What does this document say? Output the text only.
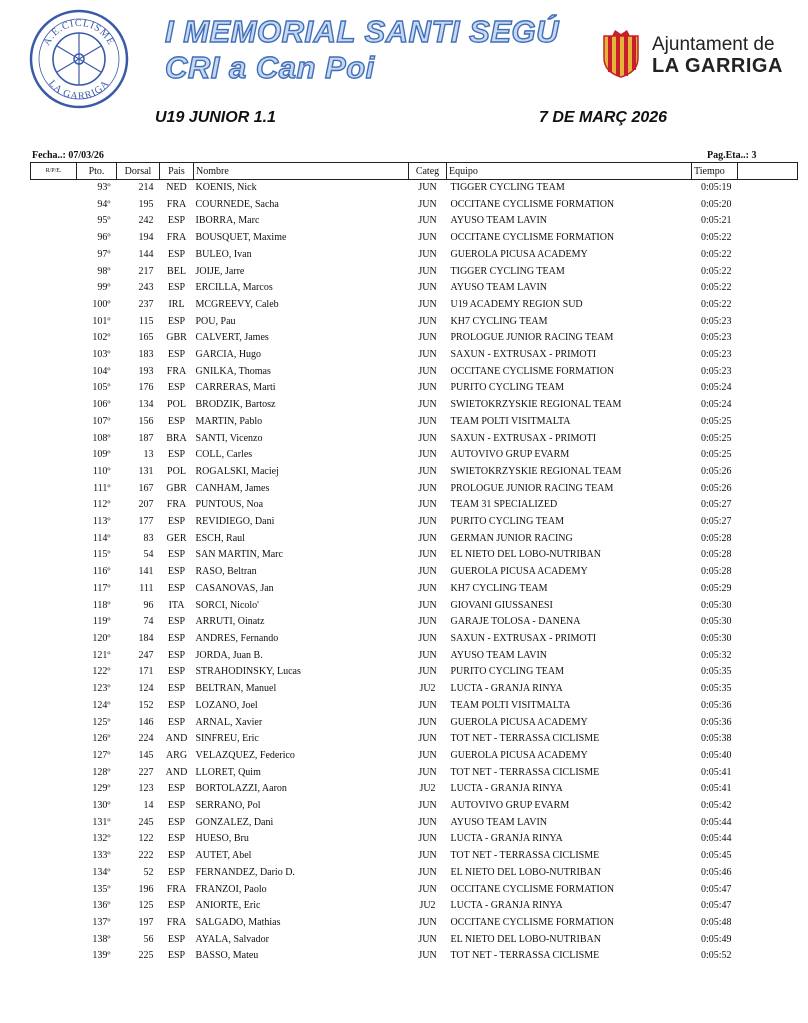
A.E.CICLISME
LA GARRIGA
I MEMORIAL SANTI SEGÚ
CRI a Can Poi
Ajuntament de
LA GARRIGA
U19 JUNIOR 1.1	7 DE MARÇ 2026
Fecha..: 07/03/26	Pag.Eta..: 3
R/P/E.	Pto.	Dorsal	Pais	Nombre	Categ	Equipo	Tiempo	
	93º	214	NED	KOENIS, Nick	JUN	TIGGER CYCLING TEAM	0:05:19	
	94º	195	FRA	COURNEDE, Sacha	JUN	OCCITANE CYCLISME FORMATION	0:05:20	
	95º	242	ESP	IBORRA, Marc	JUN	AYUSO TEAM LAVIN	0:05:21	
	96º	194	FRA	BOUSQUET, Maxime	JUN	OCCITANE CYCLISME FORMATION	0:05:22	
	97º	144	ESP	BULEO, Ivan	JUN	GUEROLA PICUSA ACADEMY	0:05:22	
	98º	217	BEL	JOIJE, Jarre	JUN	TIGGER CYCLING TEAM	0:05:22	
	99º	243	ESP	ERCILLA, Marcos	JUN	AYUSO TEAM LAVIN	0:05:22	
	100º	237	IRL	MCGREEVY, Caleb	JUN	U19 ACADEMY REGION SUD	0:05:22	
	101º	115	ESP	POU, Pau	JUN	KH7 CYCLING TEAM	0:05:23	
	102º	165	GBR	CALVERT, James	JUN	PROLOGUE JUNIOR RACING TEAM	0:05:23	
	103º	183	ESP	GARCIA, Hugo	JUN	SAXUN - EXTRUSAX - PRIMOTI	0:05:23	
	104º	193	FRA	GNILKA, Thomas	JUN	OCCITANE CYCLISME FORMATION	0:05:23	
	105º	176	ESP	CARRERAS, Marti	JUN	PURITO CYCLING TEAM	0:05:24	
	106º	134	POL	BRODZIK, Bartosz	JUN	SWIETOKRZYSKIE REGIONAL TEAM	0:05:24	
	107º	156	ESP	MARTIN, Pablo	JUN	TEAM POLTI VISITMALTA	0:05:25	
	108º	187	BRA	SANTI, Vicenzo	JUN	SAXUN - EXTRUSAX - PRIMOTI	0:05:25	
	109º	13	ESP	COLL, Carles	JUN	AUTOVIVO GRUP EVARM	0:05:25	
	110º	131	POL	ROGALSKI, Maciej	JUN	SWIETOKRZYSKIE REGIONAL TEAM	0:05:26	
	111º	167	GBR	CANHAM, James	JUN	PROLOGUE JUNIOR RACING TEAM	0:05:26	
	112º	207	FRA	PUNTOUS, Noa	JUN	TEAM 31 SPECIALIZED	0:05:27	
	113º	177	ESP	REVIDIEGO, Dani	JUN	PURITO CYCLING TEAM	0:05:27	
	114º	83	GER	ESCH, Raul	JUN	GERMAN JUNIOR RACING	0:05:28	
	115º	54	ESP	SAN MARTIN, Marc	JUN	EL NIETO DEL LOBO-NUTRIBAN	0:05:28	
	116º	141	ESP	RASO, Beltran	JUN	GUEROLA PICUSA ACADEMY	0:05:28	
	117º	111	ESP	CASANOVAS, Jan	JUN	KH7 CYCLING TEAM	0:05:29	
	118º	96	ITA	SORCI, Nicolo'	JUN	GIOVANI GIUSSANESI	0:05:30	
	119º	74	ESP	ARRUTI, Oinatz	JUN	GARAJE TOLOSA - DANENA	0:05:30	
	120º	184	ESP	ANDRES, Fernando	JUN	SAXUN - EXTRUSAX - PRIMOTI	0:05:30	
	121º	247	ESP	JORDA, Juan B.	JUN	AYUSO TEAM LAVIN	0:05:32	
	122º	171	ESP	STRAHODINSKY, Lucas	JUN	PURITO CYCLING TEAM	0:05:35	
	123º	124	ESP	BELTRAN, Manuel	JU2	LUCTA - GRANJA RINYA	0:05:35	
	124º	152	ESP	LOZANO, Joel	JUN	TEAM POLTI VISITMALTA	0:05:36	
	125º	146	ESP	ARNAL, Xavier	JUN	GUEROLA PICUSA ACADEMY	0:05:36	
	126º	224	AND	SINFREU, Eric	JUN	TOT NET - TERRASSA CICLISME	0:05:38	
	127º	145	ARG	VELAZQUEZ, Federico	JUN	GUEROLA PICUSA ACADEMY	0:05:40	
	128º	227	AND	LLORET, Quim	JUN	TOT NET - TERRASSA CICLISME	0:05:41	
	129º	123	ESP	BORTOLAZZI, Aaron	JU2	LUCTA - GRANJA RINYA	0:05:41	
	130º	14	ESP	SERRANO, Pol	JUN	AUTOVIVO GRUP EVARM	0:05:42	
	131º	245	ESP	GONZALEZ, Dani	JUN	AYUSO TEAM LAVIN	0:05:44	
	132º	122	ESP	HUESO, Bru	JUN	LUCTA - GRANJA RINYA	0:05:44	
	133º	222	ESP	AUTET, Abel	JUN	TOT NET - TERRASSA CICLISME	0:05:45	
	134º	52	ESP	FERNANDEZ, Dario D.	JUN	EL NIETO DEL LOBO-NUTRIBAN	0:05:46	
	135º	196	FRA	FRANZOI, Paolo	JUN	OCCITANE CYCLISME FORMATION	0:05:47	
	136º	125	ESP	ANIORTE, Eric	JU2	LUCTA - GRANJA RINYA	0:05:47	
	137º	197	FRA	SALGADO, Mathias	JUN	OCCITANE CYCLISME FORMATION	0:05:48	
	138º	56	ESP	AYALA, Salvador	JUN	EL NIETO DEL LOBO-NUTRIBAN	0:05:49	
	139º	225	ESP	BASSO, Mateu	JUN	TOT NET - TERRASSA CICLISME	0:05:52	
